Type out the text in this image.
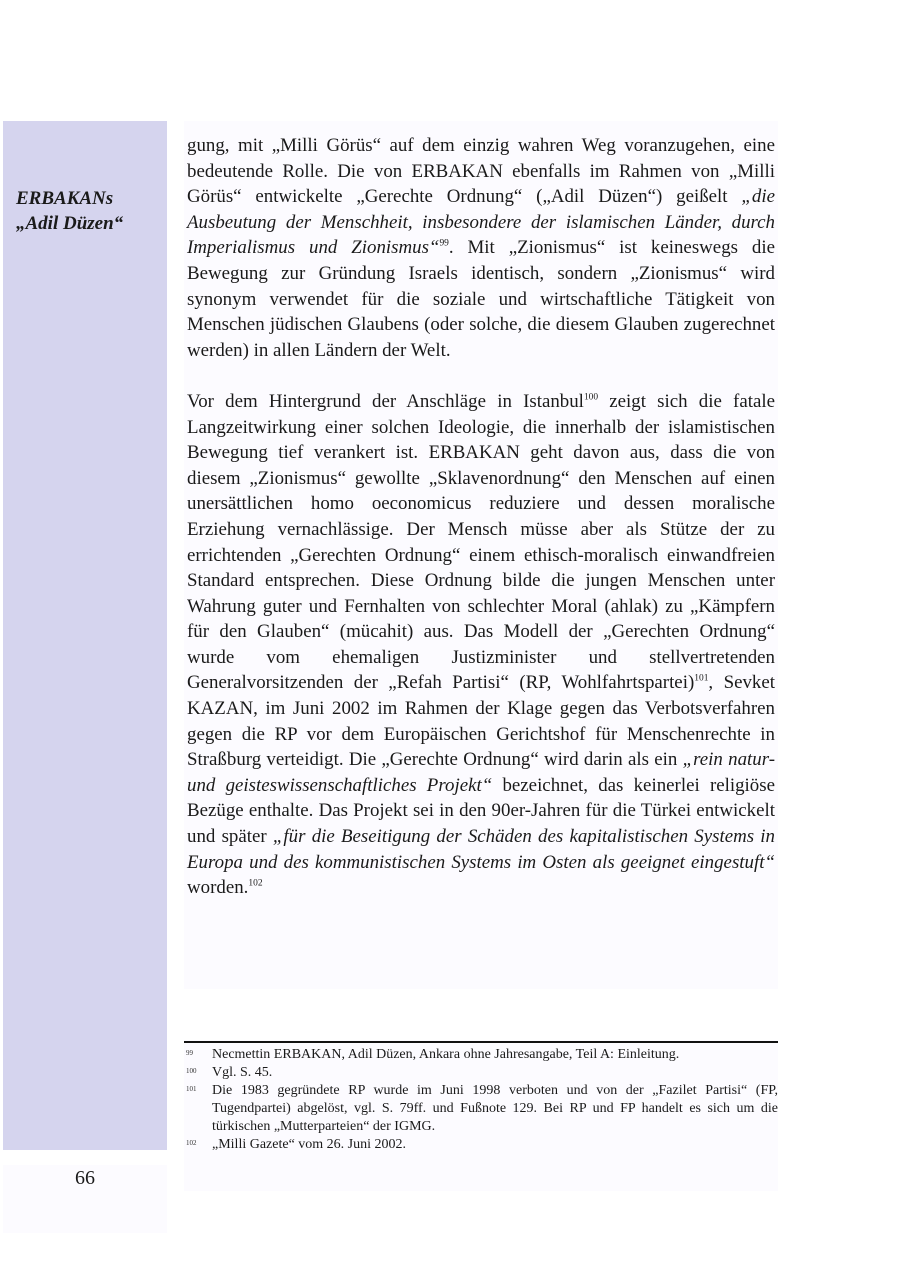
ERBAKANs
„Adil Düzen“

gung, mit „Milli Görüs“ auf dem einzig wahren Weg voranzugehen, eine bedeutende Rolle. Die von ERBAKAN ebenfalls im Rahmen von „Milli Görüs“ entwickelte „Gerechte Ordnung“ („Adil Düzen“) geißelt „die Ausbeutung der Menschheit, insbesondere der islamischen Länder, durch Imperialismus und Zionismus“$^{99}$. Mit „Zionismus“ ist keineswegs die Bewegung zur Gründung Israels identisch, sondern „Zionismus“ wird synonym verwendet für die soziale und wirtschaftliche Tätigkeit von Menschen jüdischen Glaubens (oder solche, die diesem Glauben zugerechnet werden) in allen Ländern der Welt.

Vor dem Hintergrund der Anschläge in Istanbul$^{100}$ zeigt sich die fatale Langzeitwirkung einer solchen Ideologie, die innerhalb der islamistischen Bewegung tief verankert ist. ERBAKAN geht davon aus, dass die von diesem „Zionismus“ gewollte „Sklavenordnung“ den Menschen auf einen unersättlichen homo oeconomicus reduziere und dessen moralische Erziehung vernachlässige. Der Mensch müsse aber als Stütze der zu errichtenden „Gerechten Ordnung“ einem ethisch-moralisch einwandfreien Standard entsprechen. Diese Ordnung bilde die jungen Menschen unter Wahrung guter und Fernhalten von schlechter Moral (ahlak) zu „Kämpfern für den Glauben“ (mücahit) aus. Das Modell der „Gerechten Ordnung“ wurde vom ehemaligen Justizminister und stellvertretenden Generalvorsitzenden der „Refah Partisi“ (RP, Wohlfahrtspartei)$^{101}$, Sevket KAZAN, im Juni 2002 im Rahmen der Klage gegen das Verbotsverfahren gegen die RP vor dem Europäischen Gerichtshof für Menschenrechte in Straßburg verteidigt. Die „Gerechte Ordnung“ wird darin als ein „rein natur- und geisteswissenschaftliches Projekt“ bezeichnet, das keinerlei religiöse Bezüge enthalte. Das Projekt sei in den 90er-Jahren für die Türkei entwickelt und später „für die Beseitigung der Schäden des kapitalistischen Systems in Europa und des kommunistischen Systems im Osten als geeignet eingestuft“ worden.$^{102}$

99	Necmettin ERBAKAN, Adil Düzen, Ankara ohne Jahresangabe, Teil A: Einleitung.
100	Vgl. S. 45.
101	Die 1983 gegründete RP wurde im Juni 1998 verboten und von der „Fazilet Partisi“ (FP, Tugendpartei) abgelöst, vgl. S. 79ff. und Fußnote 129. Bei RP und FP handelt es sich um die türkischen „Mutterparteien“ der IGMG.
102	„Milli Gazete“ vom 26. Juni 2002.
66
